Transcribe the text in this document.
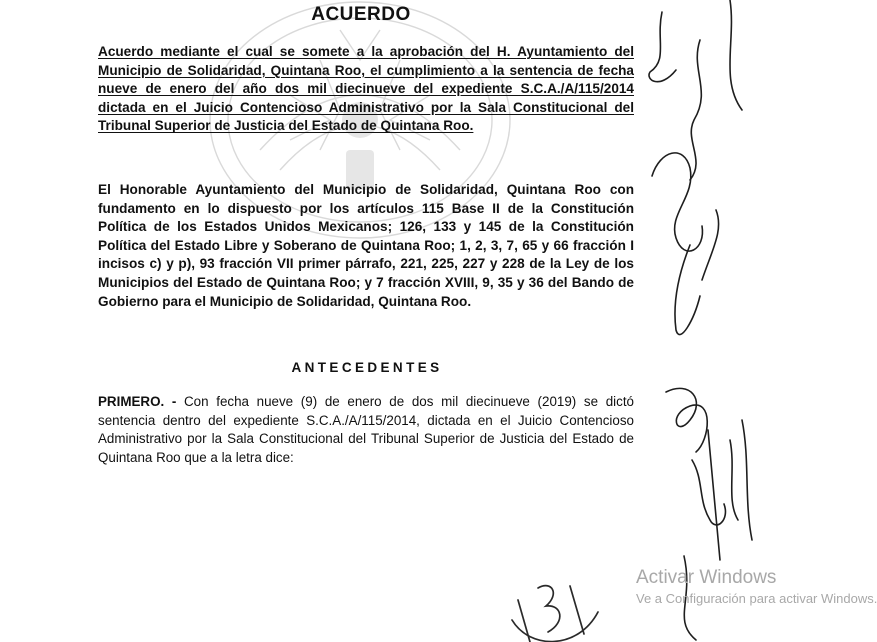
ACUERDO
Acuerdo mediante el cual se somete a la aprobación del H. Ayuntamiento del Municipio de Solidaridad, Quintana Roo, el cumplimiento a la sentencia de fecha nueve de enero del año dos mil diecinueve del expediente S.C.A./A/115/2014 dictada en el Juicio Contencioso Administrativo por la Sala Constitucional del Tribunal Superior de Justicia del Estado de Quintana Roo.
El Honorable Ayuntamiento del Municipio de Solidaridad, Quintana Roo con fundamento en lo dispuesto por los artículos 115 Base II de la Constitución Política de los Estados Unidos Mexicanos; 126, 133 y 145 de la Constitución Política del Estado Libre y Soberano de Quintana Roo; 1, 2, 3, 7, 65 y 66 fracción I incisos c) y p), 93 fracción VII primer párrafo, 221, 225, 227 y 228 de la Ley de los Municipios del Estado de Quintana Roo; y 7 fracción XVIII, 9, 35 y 36 del Bando de Gobierno para el Municipio de Solidaridad, Quintana Roo.
ANTECEDENTES
PRIMERO. - Con fecha nueve (9) de enero de dos mil diecinueve (2019) se dictó sentencia dentro del expediente S.C.A./A/115/2014, dictada en el Juicio Contencioso Administrativo por la Sala Constitucional del Tribunal Superior de Justicia del Estado de Quintana Roo que a la letra dice:
Activar Windows
Ve a Configuración para activar Windows.
